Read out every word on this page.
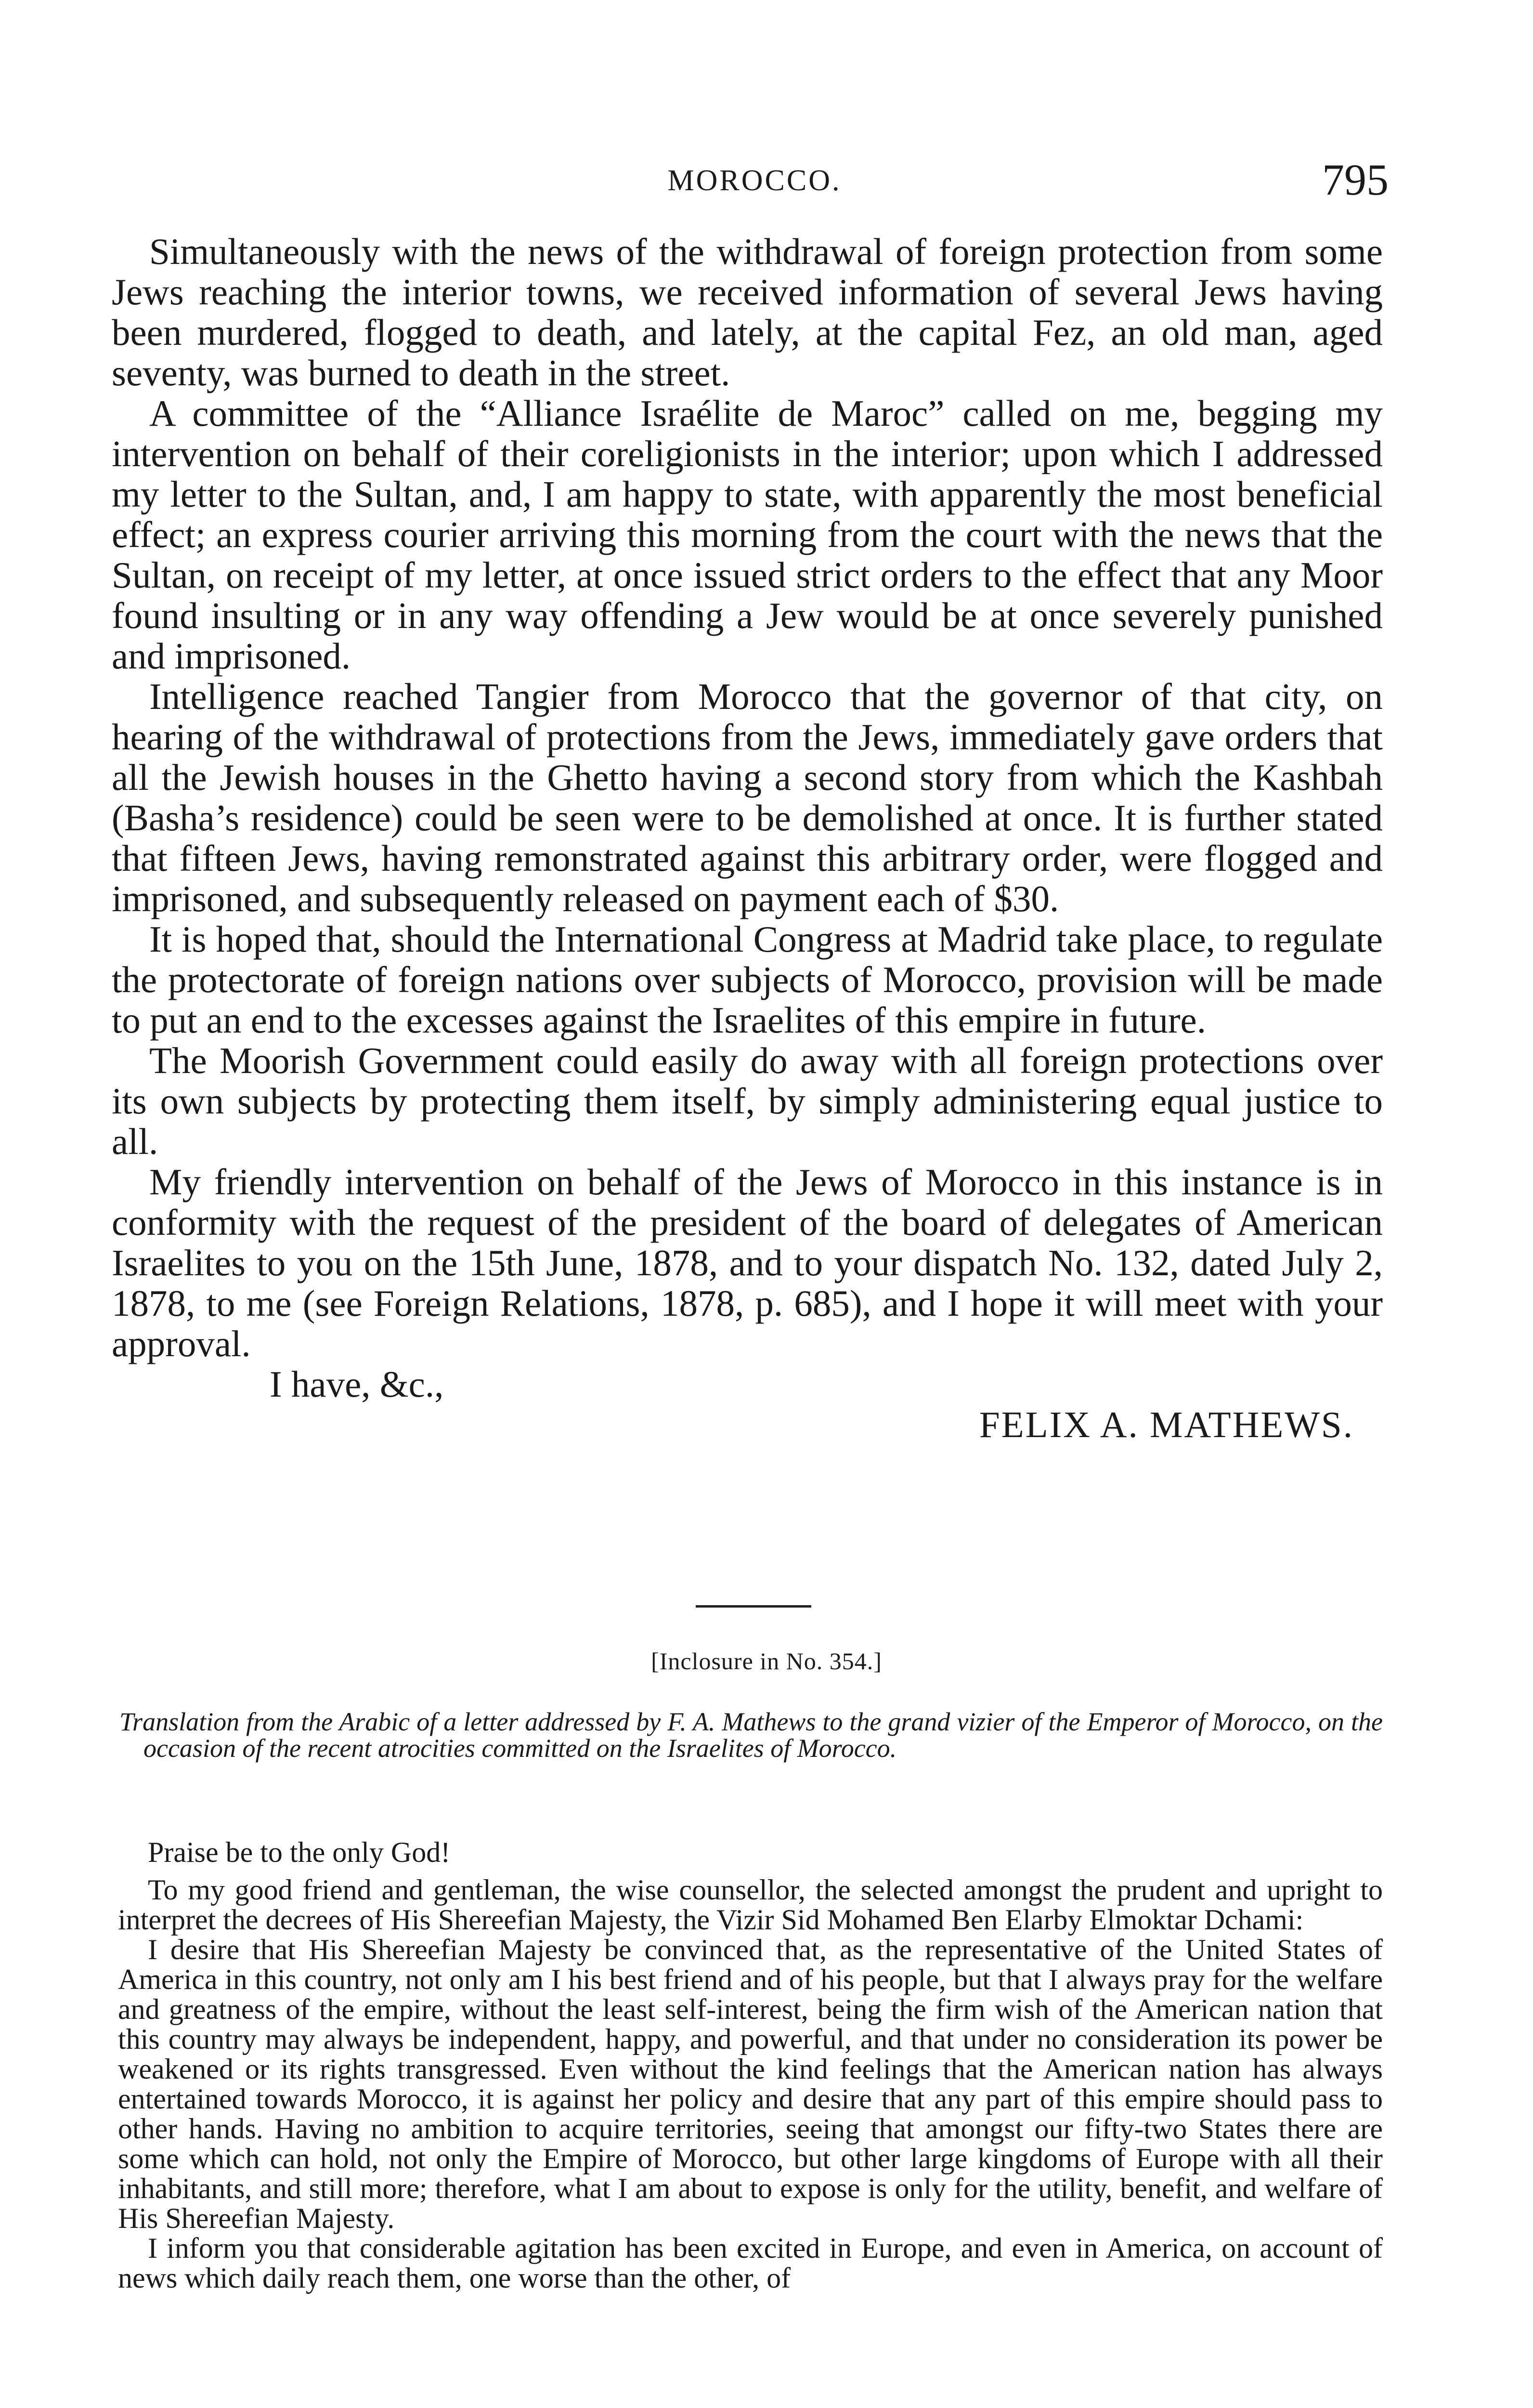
MOROCCO.	795

Simultaneously with the news of the withdrawal of foreign protection from some Jews reaching the interior towns, we received information of several Jews having been murdered, flogged to death, and lately, at the capital Fez, an old man, aged seventy, was burned to death in the street.

A committee of the “Alliance Israélite de Maroc” called on me, begging my intervention on behalf of their coreligionists in the interior; upon which I addressed my letter to the Sultan, and, I am happy to state, with apparently the most beneficial effect; an express courier arriving this morning from the court with the news that the Sultan, on receipt of my letter, at once issued strict orders to the effect that any Moor found insulting or in any way offending a Jew would be at once severely punished and imprisoned.

Intelligence reached Tangier from Morocco that the governor of that city, on hearing of the withdrawal of protections from the Jews, immediately gave orders that all the Jewish houses in the Ghetto having a second story from which the Kashbah (Basha’s residence) could be seen were to be demolished at once. It is further stated that fifteen Jews, having remonstrated against this arbitrary order, were flogged and imprisoned, and subsequently released on payment each of $30.

It is hoped that, should the International Congress at Madrid take place, to regulate the protectorate of foreign nations over subjects of Morocco, provision will be made to put an end to the excesses against the Israelites of this empire in future.

The Moorish Government could easily do away with all foreign protections over its own subjects by protecting them itself, by simply administering equal justice to all.

My friendly intervention on behalf of the Jews of Morocco in this instance is in conformity with the request of the president of the board of delegates of American Israelites to you on the 15th June, 1878, and to your dispatch No. 132, dated July 2, 1878, to me (see Foreign Relations, 1878, p. 685), and I hope it will meet with your approval.

I have, &c.,

FELIX A. MATHEWS.

[Inclosure in No. 354.]

Translation from the Arabic of a letter addressed by F. A. Mathews to the grand vizier of the Emperor of Morocco, on the occasion of the recent atrocities committed on the Israelites of Morocco.

Praise be to the only God!

To my good friend and gentleman, the wise counsellor, the selected amongst the prudent and upright to interpret the decrees of His Shereefian Majesty, the Vizir Sid Mohamed Ben Elarby Elmoktar Dchami:

I desire that His Shereefian Majesty be convinced that, as the representative of the United States of America in this country, not only am I his best friend and of his people, but that I always pray for the welfare and greatness of the empire, without the least self-interest, being the firm wish of the American nation that this country may always be independent, happy, and powerful, and that under no consideration its power be weakened or its rights transgressed. Even without the kind feelings that the American nation has always entertained towards Morocco, it is against her policy and desire that any part of this empire should pass to other hands. Having no ambition to acquire territories, seeing that amongst our fifty-two States there are some which can hold, not only the Empire of Morocco, but other large kingdoms of Europe with all their inhabitants, and still more; therefore, what I am about to expose is only for the utility, benefit, and welfare of His Shereefian Majesty.

I inform you that considerable agitation has been excited in Europe, and even in America, on account of news which daily reach them, one worse than the other, of
